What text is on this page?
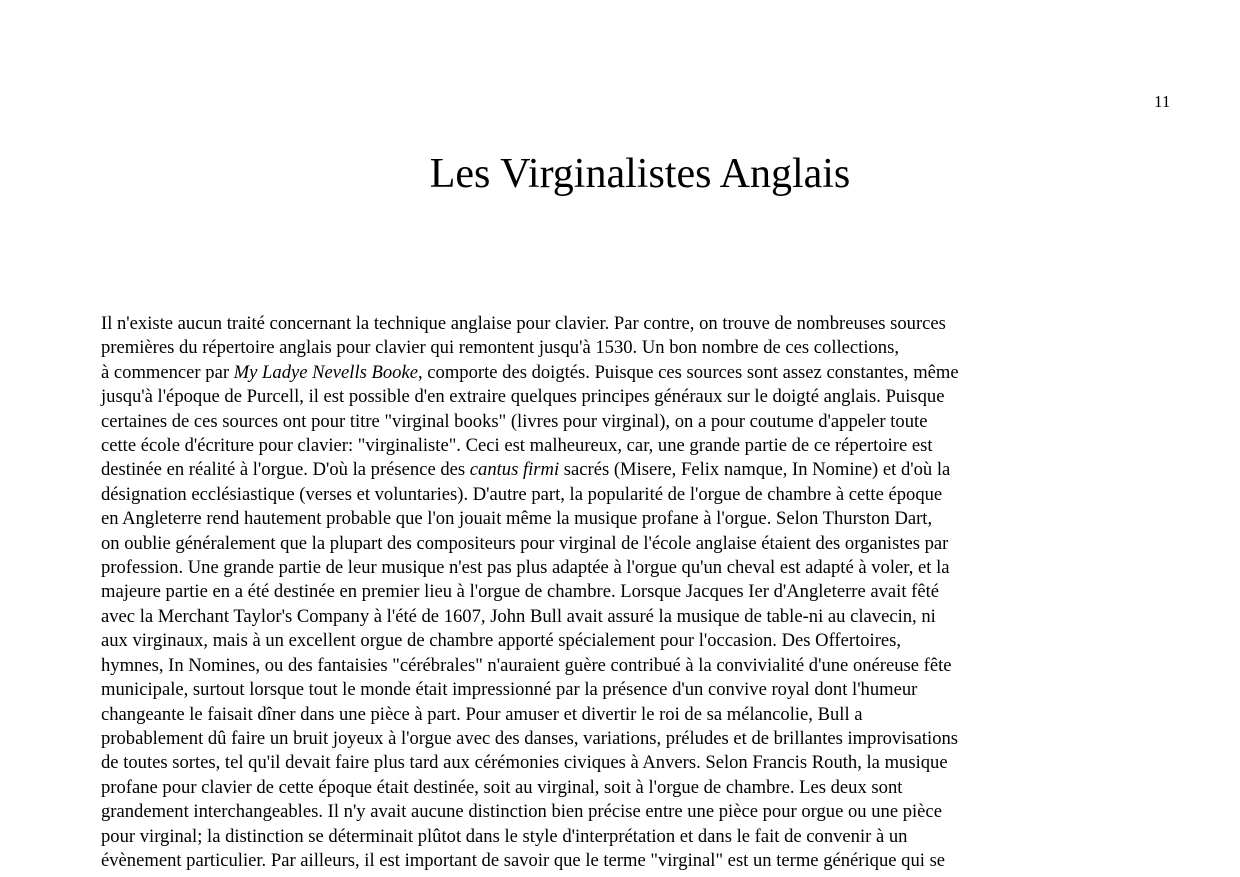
11
Les Virginalistes Anglais

Il n'existe aucun traité concernant la technique anglaise pour clavier. Par contre, on trouve de nombreuses sources
premières du répertoire anglais pour clavier qui remontent jusqu'à 1530. Un bon nombre de ces collections,
à commencer par My Ladye Nevells Booke, comporte des doigtés. Puisque ces sources sont assez constantes, même
jusqu'à l'époque de Purcell, il est possible d'en extraire quelques principes généraux sur le doigté anglais. Puisque
certaines de ces sources ont pour titre "virginal books" (livres pour virginal), on a pour coutume d'appeler toute
cette école d'écriture pour clavier: "virginaliste". Ceci est malheureux, car, une grande partie de ce répertoire est
destinée en réalité à l'orgue. D'où la présence des cantus firmi sacrés (Misere, Felix namque, In Nomine) et d'où la
désignation ecclésiastique (verses et voluntaries). D'autre part, la popularité de l'orgue de chambre à cette époque
en Angleterre rend hautement probable que l'on jouait même la musique profane à l'orgue. Selon Thurston Dart,
on oublie généralement que la plupart des compositeurs pour virginal de l'école anglaise étaient des organistes par
profession. Une grande partie de leur musique n'est pas plus adaptée à l'orgue qu'un cheval est adapté à voler, et la
majeure partie en a été destinée en premier lieu à l'orgue de chambre. Lorsque Jacques Ier d'Angleterre avait fêté
avec la Merchant Taylor's Company à l'été de 1607, John Bull avait assuré la musique de table-ni au clavecin, ni
aux virginaux, mais à un excellent orgue de chambre apporté spécialement pour l'occasion. Des Offertoires,
hymnes, In Nomines, ou des fantaisies "cérébrales" n'auraient guère contribué à la convivialité d'une onéreuse fête
municipale, surtout lorsque tout le monde était impressionné par la présence d'un convive royal dont l'humeur
changeante le faisait dîner dans une pièce à part. Pour amuser et divertir le roi de sa mélancolie, Bull a
probablement dû faire un bruit joyeux à l'orgue avec des danses, variations, préludes et de brillantes improvisations
de toutes sortes, tel qu'il devait faire plus tard aux cérémonies civiques à Anvers. Selon Francis Routh, la musique
profane pour clavier de cette époque était destinée, soit au virginal, soit à l'orgue de chambre. Les deux sont
grandement interchangeables. Il n'y avait aucune distinction bien précise entre une pièce pour orgue ou une pièce
pour virginal; la distinction se déterminait plûtot dans le style d'interprétation et dans le fait de convenir à un
évènement particulier. Par ailleurs, il est important de savoir que le terme "virginal" est un terme générique qui se
